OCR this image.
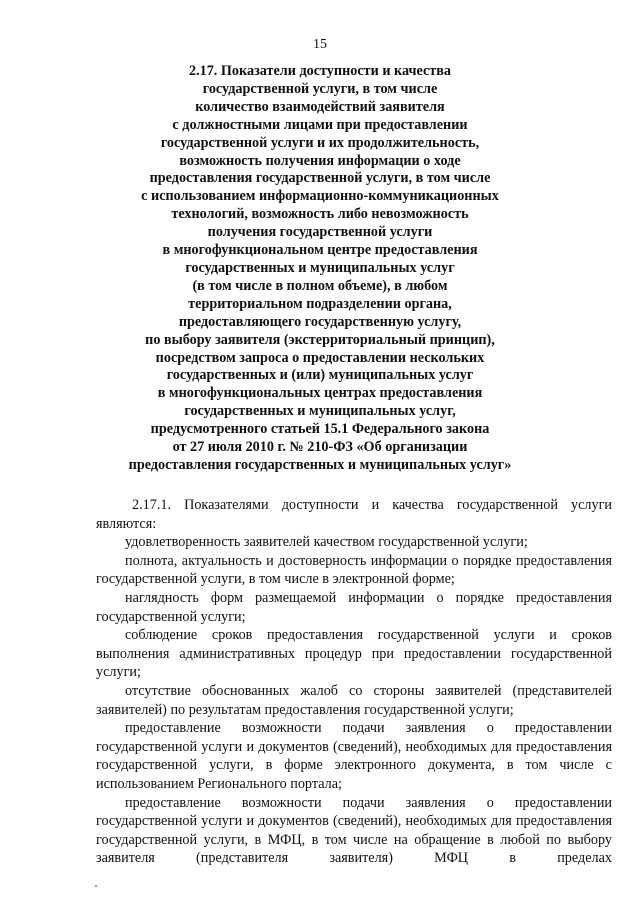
15
2.17. Показатели доступности и качества
государственной услуги, в том числе
количество взаимодействий заявителя
с должностными лицами при предоставлении
государственной услуги и их продолжительность,
возможность получения информации о ходе
предоставления государственной услуги, в том числе
с использованием информационно-коммуникационных
технологий, возможность либо невозможность
получения государственной услуги
в многофункциональном центре предоставления
государственных и муниципальных услуг
(в том числе в полном объеме), в любом
территориальном подразделении органа,
предоставляющего государственную услугу,
по выбору заявителя (экстерриториальный принцип),
посредством запроса о предоставлении нескольких
государственных и (или) муниципальных услуг
в многофункциональных центрах предоставления
государственных и муниципальных услуг,
предусмотренного статьей 15.1 Федерального закона
от 27 июля 2010 г. № 210-ФЗ «Об организации
предоставления государственных и муниципальных услуг»

2.17.1. Показателями доступности и качества государственной услуги являются:

удовлетворенность заявителей качеством государственной услуги;

полнота, актуальность и достоверность информации о порядке предоставления государственной услуги, в том числе в электронной форме;

наглядность форм размещаемой информации о порядке предоставления государственной услуги;

соблюдение сроков предоставления государственной услуги и сроков выполнения административных процедур при предоставлении государственной услуги;

отсутствие обоснованных жалоб со стороны заявителей (представителей заявителей) по результатам предоставления государственной услуги;

предоставление возможности подачи заявления о предоставлении государственной услуги и документов (сведений), необходимых для предоставления государственной услуги, в форме электронного документа, в том числе с использованием Регионального портала;

предоставление возможности подачи заявления о предоставлении государственной услуги и документов (сведений), необходимых для предоставления государственной услуги, в МФЦ, в том числе на обращение в любой по выбору заявителя (представителя заявителя) МФЦ в пределах
